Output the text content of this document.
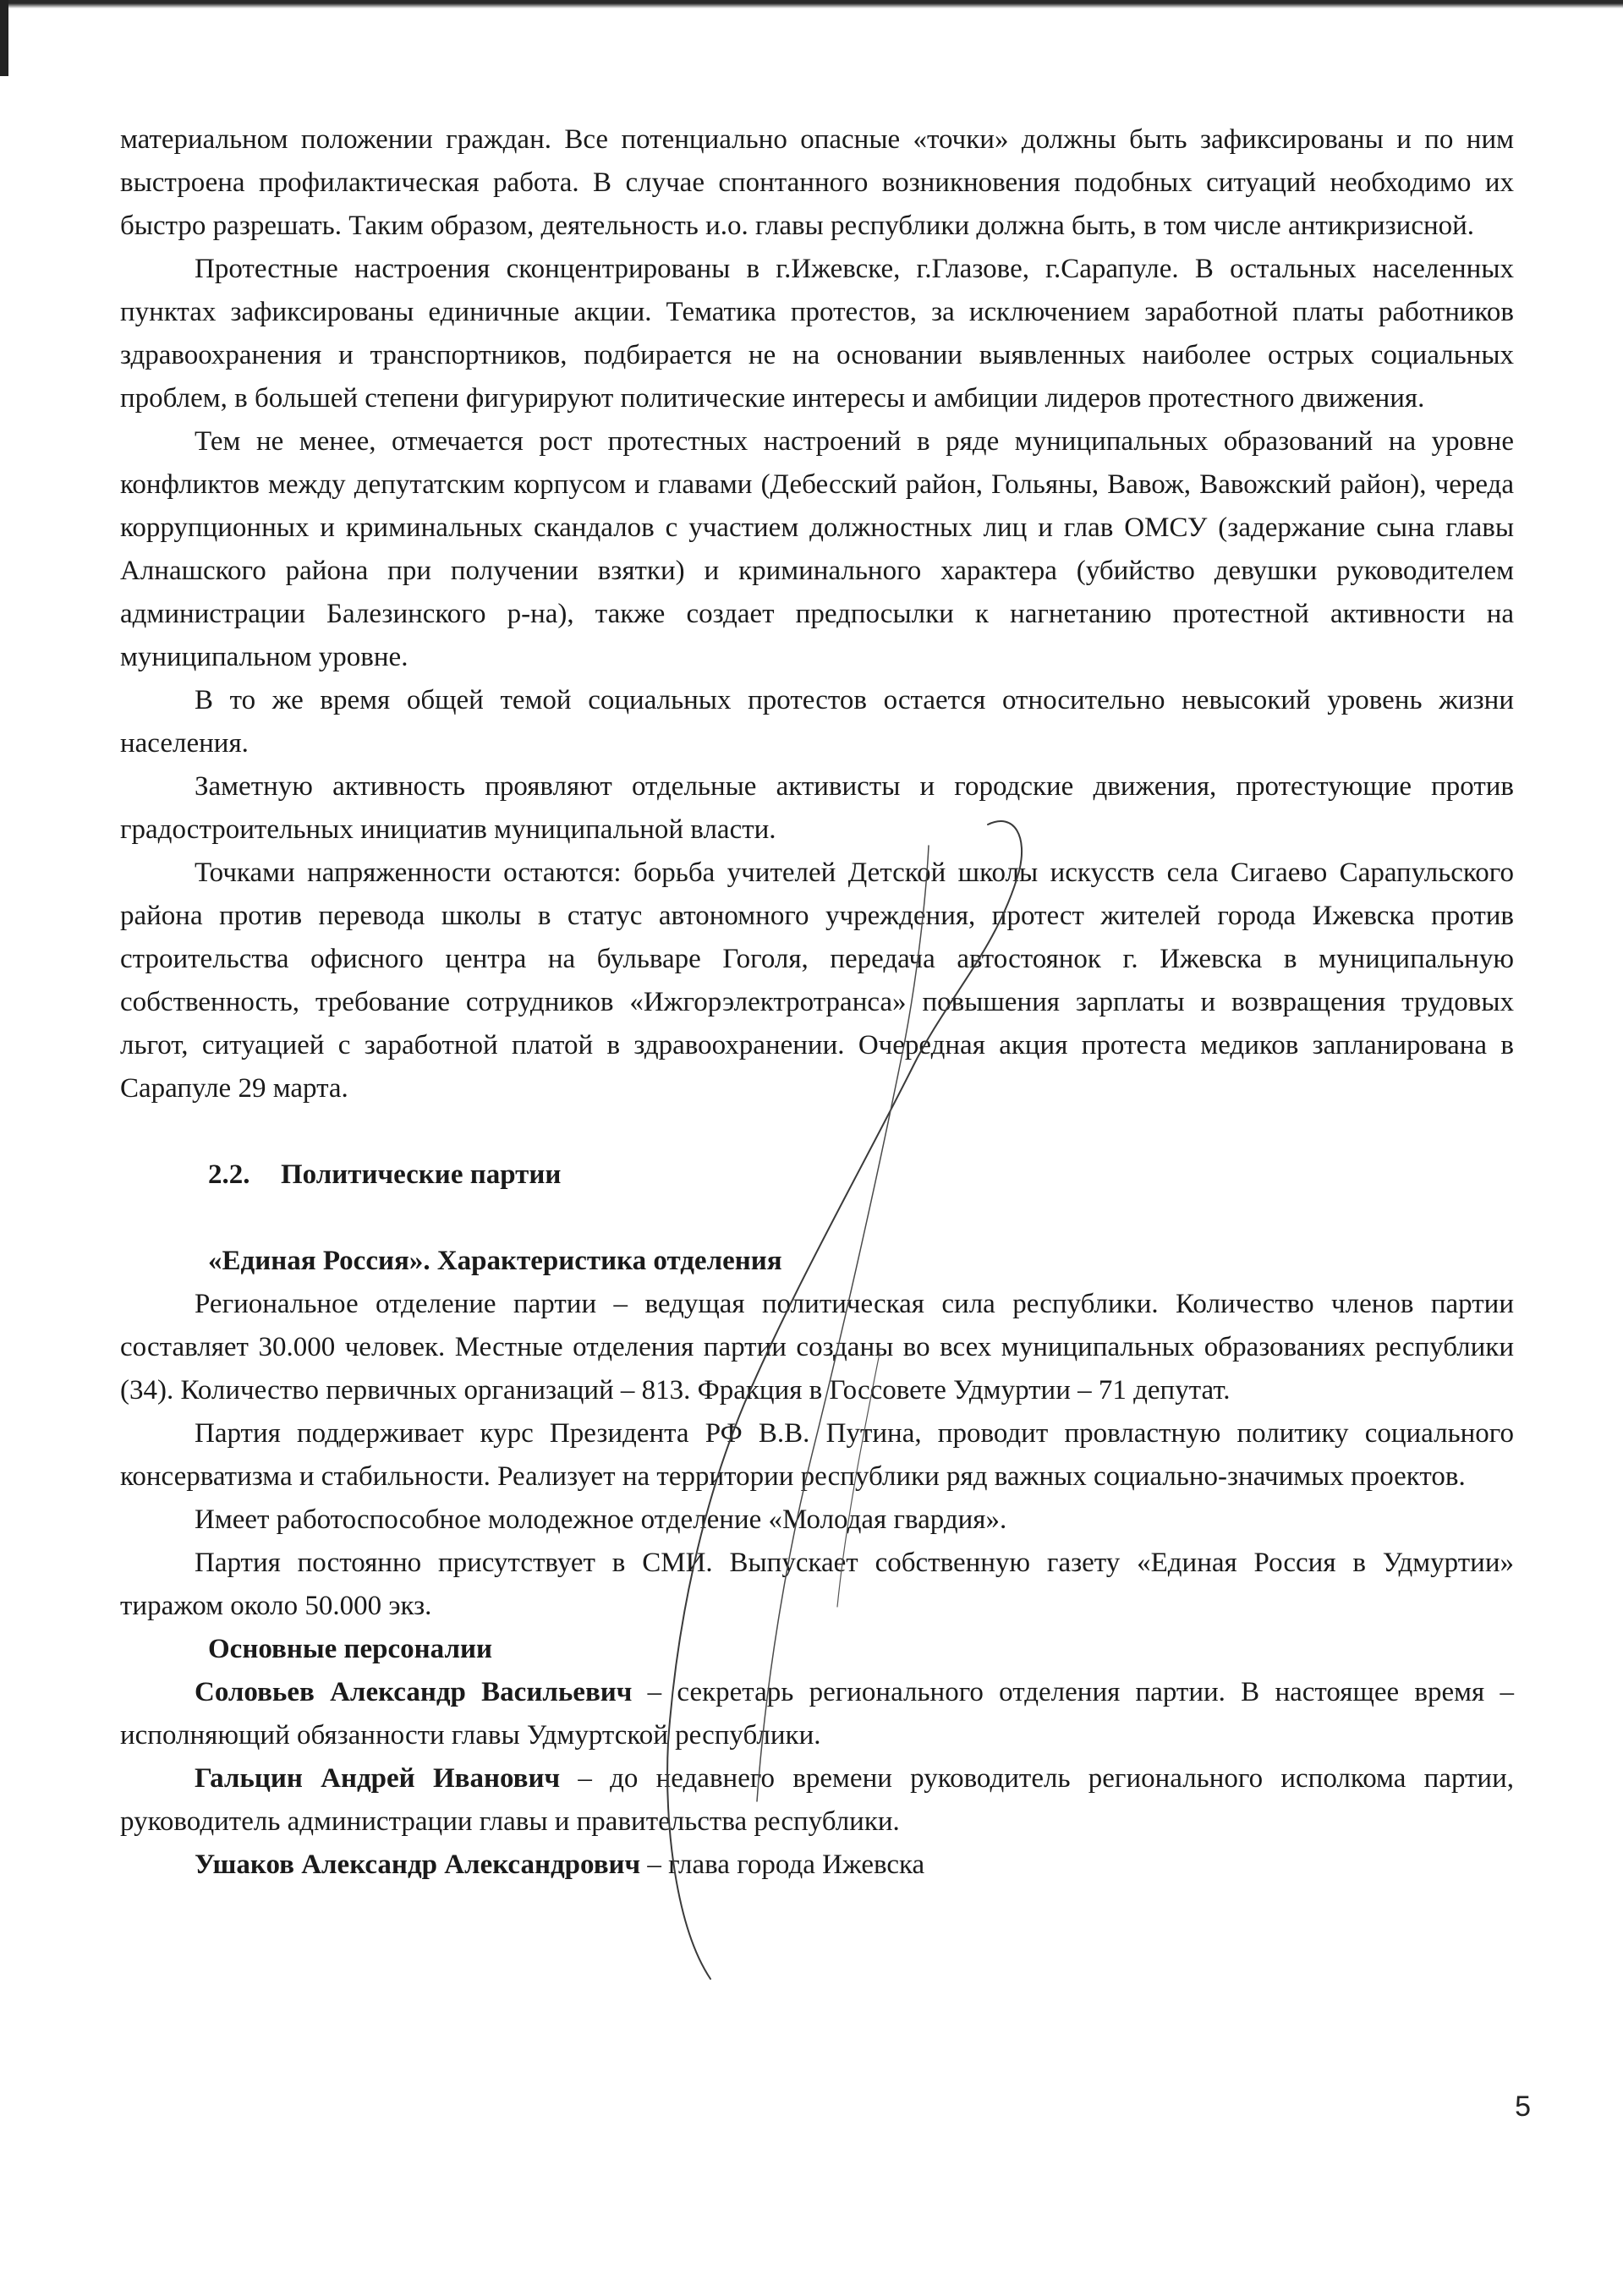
материальном положении граждан. Все потенциально опасные «точки» должны быть зафиксированы и по ним выстроена профилактическая работа. В случае спонтанного возникновения подобных ситуаций необходимо их быстро разрешать. Таким образом, деятельность и.о. главы республики должна быть, в том числе антикризисной.

Протестные настроения сконцентрированы в г.Ижевске, г.Глазове, г.Сарапуле. В остальных населенных пунктах зафиксированы единичные акции. Тематика протестов, за исключением заработной платы работников здравоохранения и транспортников, подбирается не на основании выявленных наиболее острых социальных проблем, в большей степени фигурируют политические интересы и амбиции лидеров протестного движения.

Тем не менее, отмечается рост протестных настроений в ряде муниципальных образований на уровне конфликтов между депутатским корпусом и главами (Дебесский район, Гольяны, Вавож, Вавожский район), череда коррупционных и криминальных скандалов с участием должностных лиц и глав ОМСУ (задержание сына главы Алнашского района при получении взятки) и криминального характера (убийство девушки руководителем администрации Балезинского р-на), также создает предпосылки к нагнетанию протестной активности на муниципальном уровне.

В то же время общей темой социальных протестов остается относительно невысокий уровень жизни населения.

Заметную активность проявляют отдельные активисты и городские движения, протестующие против градостроительных инициатив муниципальной власти.

Точками напряженности остаются: борьба учителей Детской школы искусств села Сигаево Сарапульского района против перевода школы в статус автономного учреждения, протест жителей города Ижевска против строительства офисного центра на бульваре Гоголя, передача автостоянок г. Ижевска в муниципальную собственность, требование сотрудников «Ижгорэлектротранса» повышения зарплаты и возвращения трудовых льгот, ситуацией с заработной платой в здравоохранении. Очередная акция протеста медиков запланирована в Сарапуле 29 марта.

2.2. Политические партии
«Единая Россия». Характеристика отделения

Региональное отделение партии – ведущая политическая сила республики. Количество членов партии составляет 30.000 человек. Местные отделения партии созданы во всех муниципальных образованиях республики (34). Количество первичных организаций – 813. Фракция в Госсовете Удмуртии – 71 депутат.

Партия поддерживает курс Президента РФ В.В. Путина, проводит провластную политику социального консерватизма и стабильности. Реализует на территории республики ряд важных социально-значимых проектов.

Имеет работоспособное молодежное отделение «Молодая гвардия».

Партия постоянно присутствует в СМИ. Выпускает собственную газету «Единая Россия в Удмуртии» тиражом около 50.000 экз.

Основные персоналии

Соловьев Александр Васильевич – секретарь регионального отделения партии. В настоящее время – исполняющий обязанности главы Удмуртской республики.

Гальцин Андрей Иванович – до недавнего времени руководитель регионального исполкома партии, руководитель администрации главы и правительства республики.

Ушаков Александр Александрович – глава города Ижевска

5
